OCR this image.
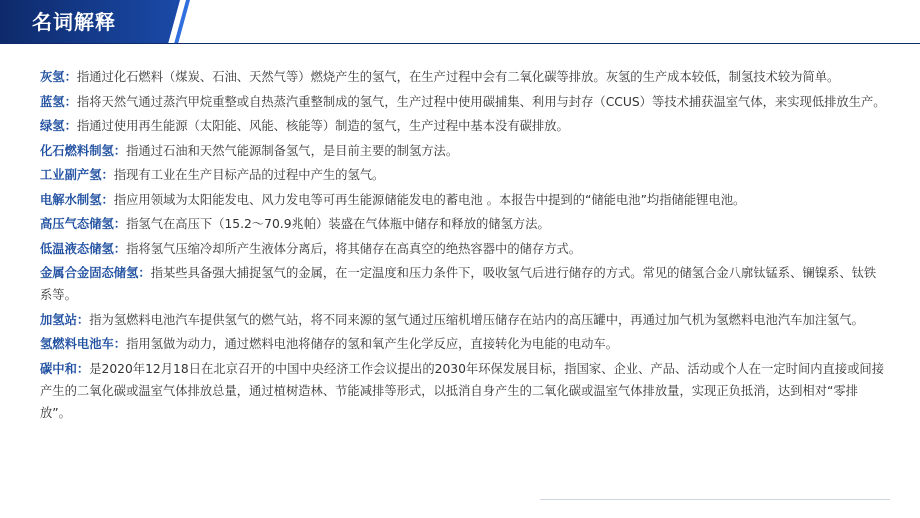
名词解释
灰氢：指通过化石燃料（煤炭、石油、天然气等）燃烧产生的氢气，在生产过程中会有二氧化碳等排放。灰氢的生产成本较低，制氢技术较为简单。
蓝氢：指将天然气通过蒸汽甲烷重整或自热蒸汽重整制成的氢气，生产过程中使用碳捕集、利用与封存（CCUS）等技术捕获温室气体，来实现低排放生产。
绿氢：指通过使用再生能源（太阳能、风能、核能等）制造的氢气，生产过程中基本没有碳排放。
化石燃料制氢：指通过石油和天然气能源制备氢气，是目前主要的制氢方法。
工业副产氢：指现有工业在生产目标产品的过程中产生的氢气。
电解水制氢：指应用领域为太阳能发电、风力发电等可再生能源储能发电的蓄电池 。本报告中提到的“储能电池”均指储能锂电池。
高压气态储氢：指氢气在高压下（15.2～70.9兆帕）装盛在气体瓶中储存和释放的储氢方法。
低温液态储氢：指将氢气压缩冷却所产生液体分离后，将其储存在高真空的绝热容器中的储存方式。
金属合金固态储氢：指某些具备强大捕捉氢气的金属，在一定温度和压力条件下，吸收氢气后进行储存的方式。常见的储氢合金八廓钛锰系、镧镍系、钛铁系等。
加氢站：指为氢燃料电池汽车提供氢气的燃气站，将不同来源的氢气通过压缩机增压储存在站内的高压罐中，再通过加气机为氢燃料电池汽车加注氢气。
氢燃料电池车：指用氢做为动力，通过燃料电池将储存的氢和氧产生化学反应，直接转化为电能的电动车。
碳中和：是2020年12月18日在北京召开的中国中央经济工作会议提出的2030年环保发展目标，指国家、企业、产品、活动或个人在一定时间内直接或间接产生的二氧化碳或温室气体排放总量，通过植树造林、节能减排等形式，以抵消自身产生的二氧化碳或温室气体排放量，实现正负抵消，达到相对“零排放”。
